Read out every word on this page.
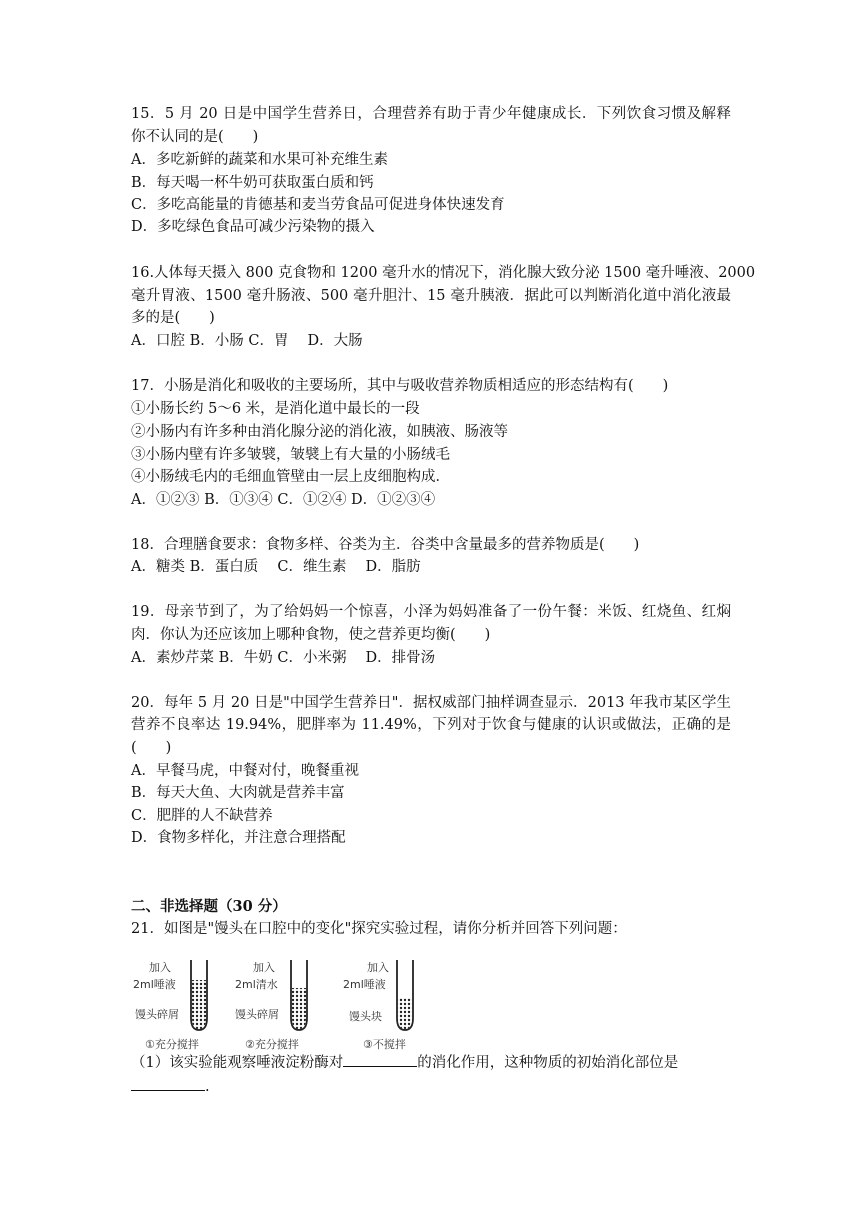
15．5 月 20 日是中国学生营养日，合理营养有助于青少年健康成长．下列饮食习惯及解释
你不认同的是(　　)
A．多吃新鲜的蔬菜和水果可补充维生素
B．每天喝一杯牛奶可获取蛋白质和钙
C．多吃高能量的肯德基和麦当劳食品可促进身体快速发育
D．多吃绿色食品可减少污染物的摄入
16.人体每天摄入 800 克食物和 1200 毫升水的情况下，消化腺大致分泌 1500 毫升唾液、2000
毫升胃液、1500 毫升肠液、500 毫升胆汁、15 毫升胰液．据此可以判断消化道中消化液最
多的是(　　)
A．口腔 B．小肠 C．胃　 D．大肠
17．小肠是消化和吸收的主要场所，其中与吸收营养物质相适应的形态结构有(　　)
①小肠长约 5～6 米，是消化道中最长的一段
②小肠内有许多种由消化腺分泌的消化液，如胰液、肠液等
③小肠内壁有许多皱襞，皱襞上有大量的小肠绒毛
④小肠绒毛内的毛细血管壁由一层上皮细胞构成．
A．①②③ B．①③④ C．①②④ D．①②③④
18．合理膳食要求：食物多样、谷类为主．谷类中含量最多的营养物质是(　　)
A．糖类 B．蛋白质　 C．维生素　 D．脂肪
19．母亲节到了，为了给妈妈一个惊喜，小泽为妈妈准备了一份午餐：米饭、红烧鱼、红焖
肉．你认为还应该加上哪种食物，使之营养更均衡(　　)
A．素炒芹菜 B．牛奶 C．小米粥　 D．排骨汤
20．每年 5 月 20 日是"中国学生营养日"．据权威部门抽样调查显示．2013 年我市某区学生
营养不良率达 19.94%，肥胖率为 11.49%，下列对于饮食与健康的认识或做法，正确的是
(　　)
A．早餐马虎，中餐对付，晚餐重视
B．每天大鱼、大肉就是营养丰富
C．肥胖的人不缺营养
D．食物多样化，并注意合理搭配
二、非选择题（30 分）
21．如图是"馒头在口腔中的变化"探究实验过程，请你分析并回答下列问题：
加入
2ml唾液
馒头碎屑
①充分搅拌
加入
2ml清水
馒头碎屑
②充分搅拌
加入
2ml唾液
馒头块
③不搅拌
（1）该实验能观察唾液淀粉酶对	的消化作用，这种物质的初始消化部位是
.
